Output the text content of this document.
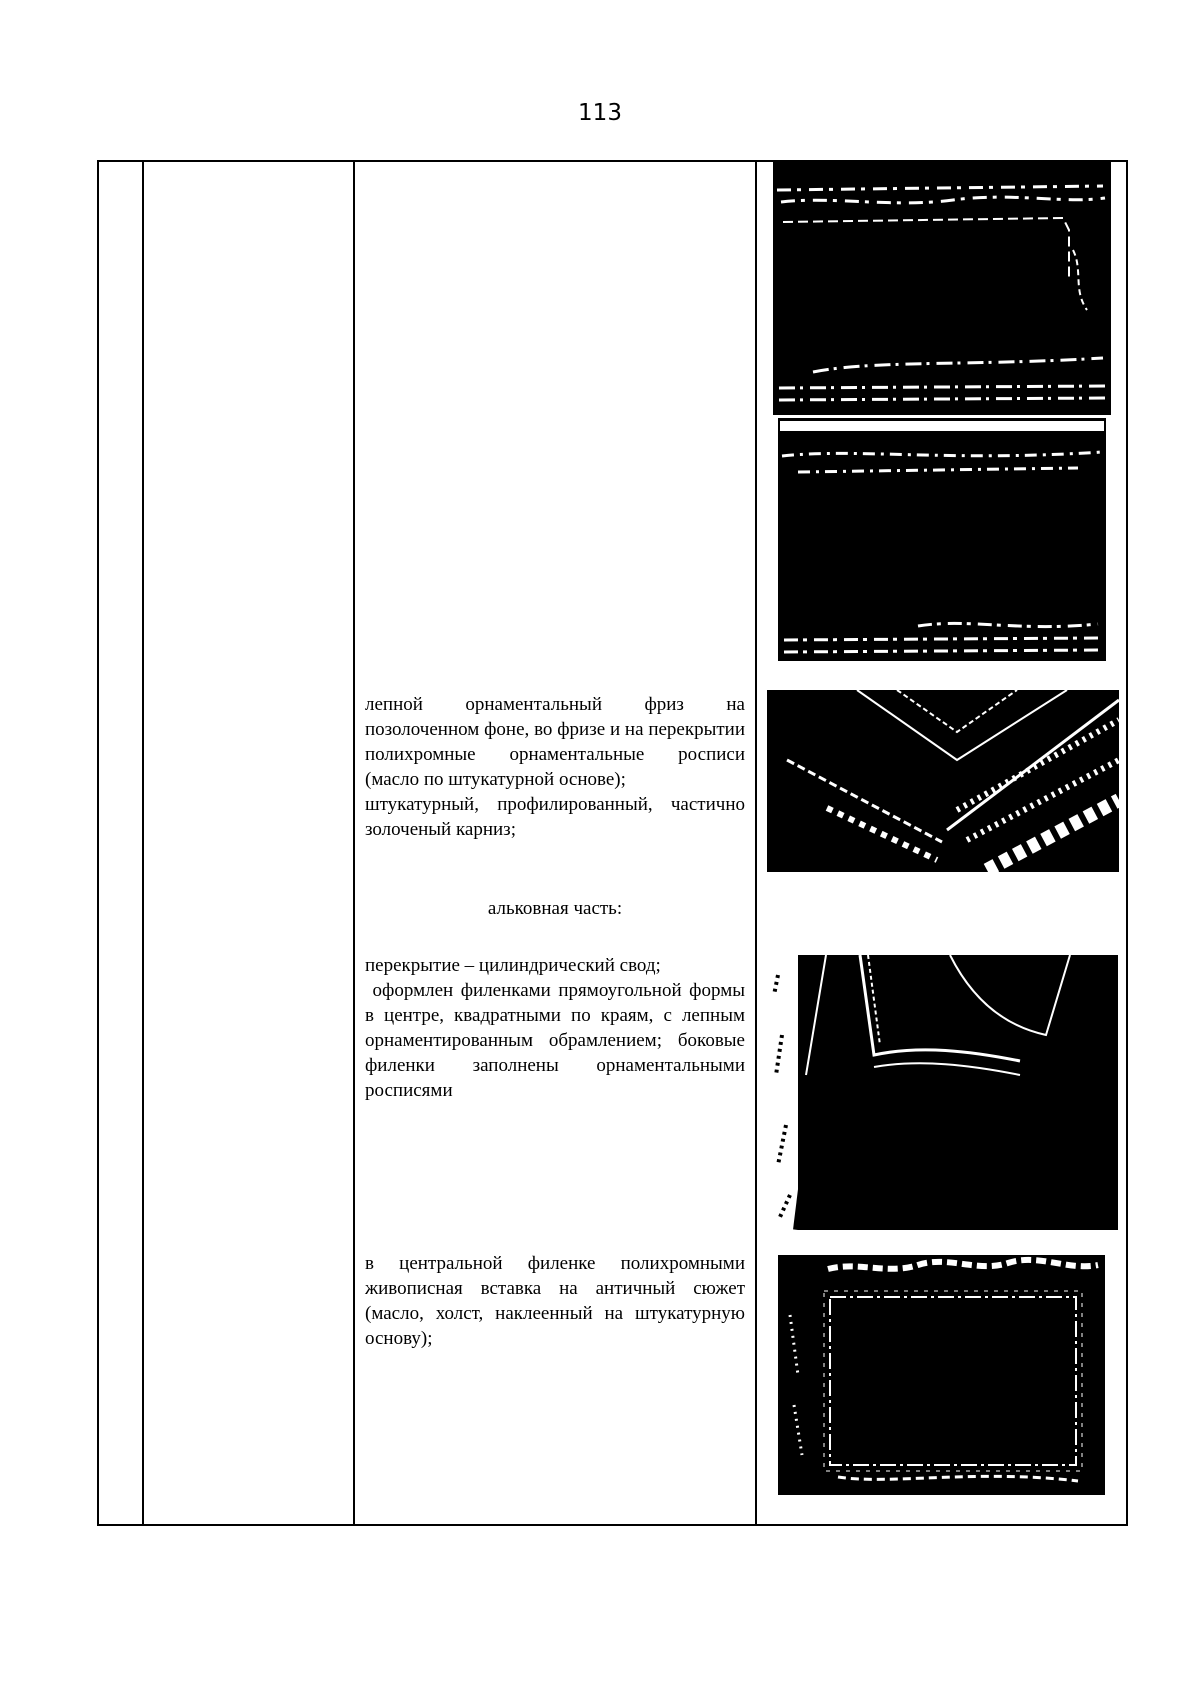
113

лепной орнаментальный фриз на позолоченном фоне, во фризе и на перекрытии полихромные орнаментальные росписи (масло по штукатурной основе);

штукатурный, профилированный, частично золоченый карниз;

альковная часть:

перекрытие – цилиндрический свод;

оформлен филенками прямоугольной формы в центре, квадратными по краям, с лепным орнаментированным обрамлением; боковые филенки заполнены орнаментальными росписями

в центральной филенке полихромными живописная вставка на античный сюжет (масло, холст, наклеенный на штукатурную основу);
